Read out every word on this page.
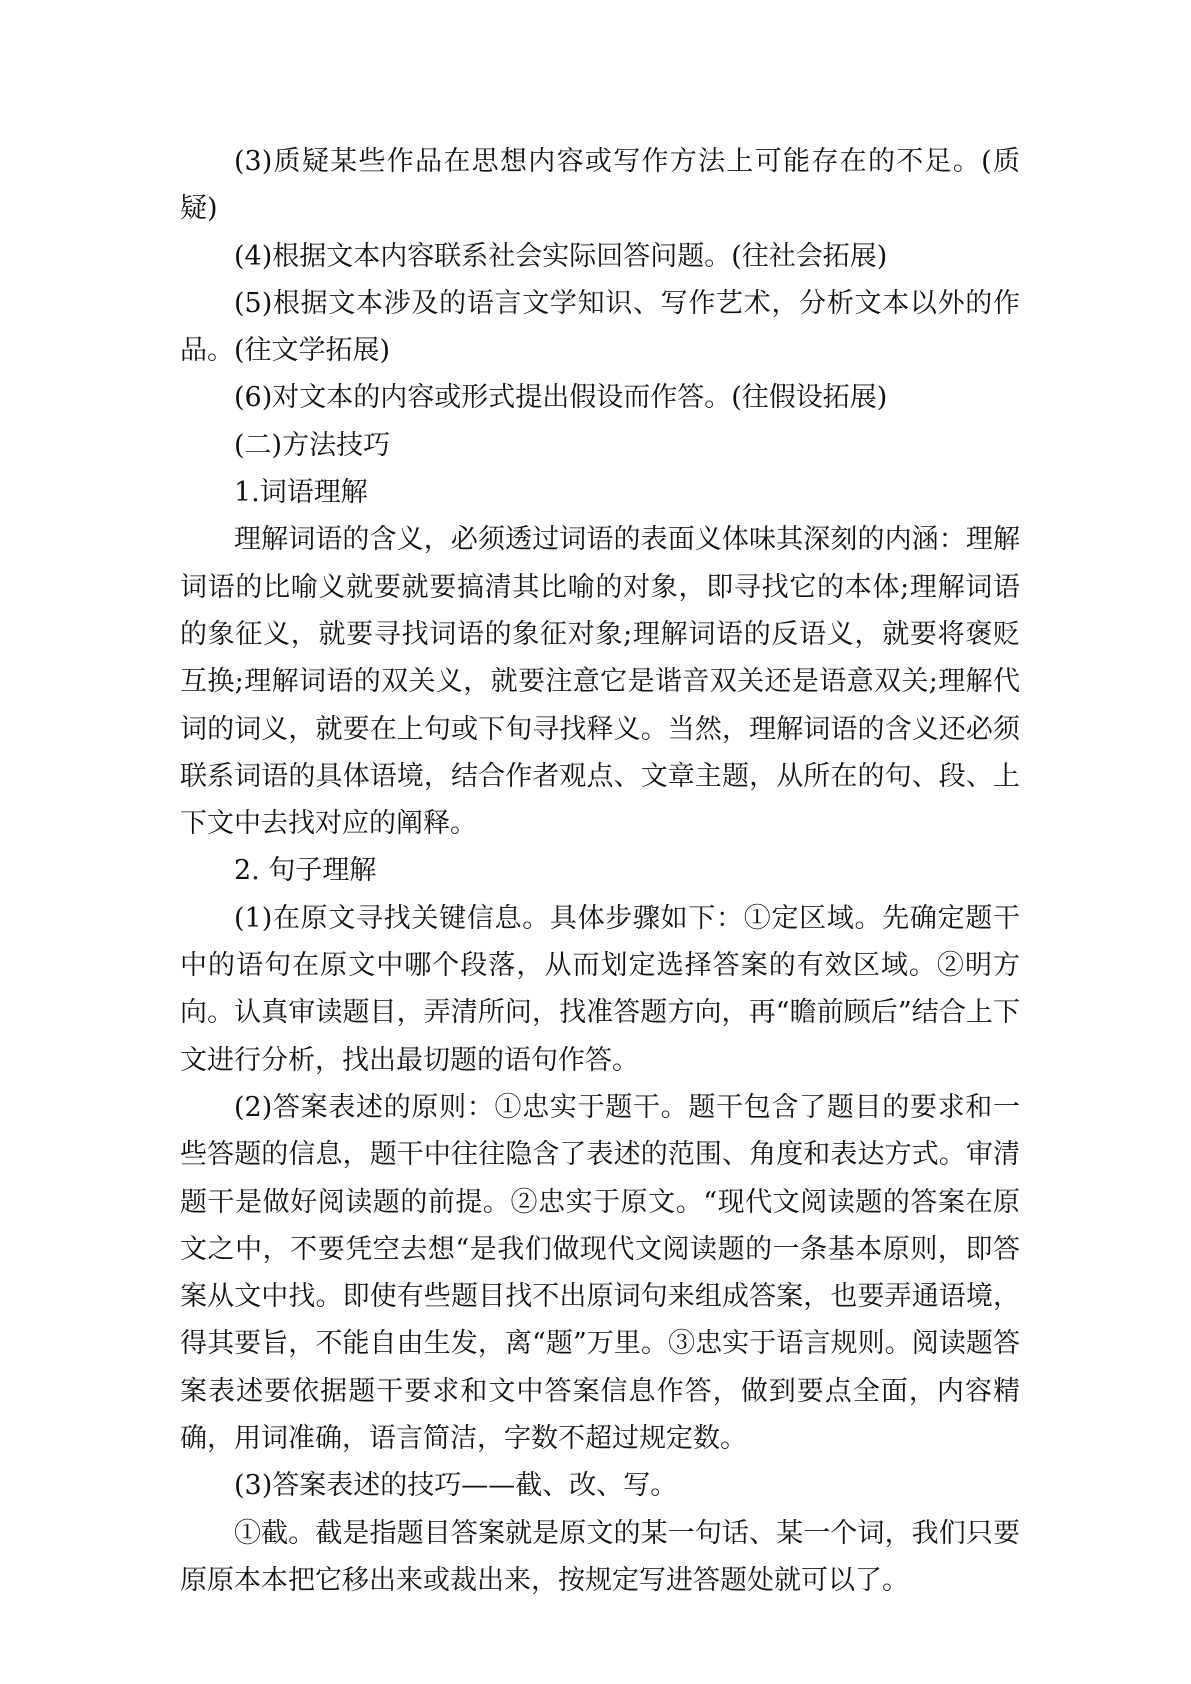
(3)质疑某些作品在思想内容或写作方法上可能存在的不足。(质疑)

(4)根据文本内容联系社会实际回答问题。(往社会拓展)

(5)根据文本涉及的语言文学知识、写作艺术，分析文本以外的作品。(往文学拓展)

(6)对文本的内容或形式提出假设而作答。(往假设拓展)

(二)方法技巧

1.词语理解

理解词语的含义，必须透过词语的表面义体味其深刻的内涵：理解词语的比喻义就要就要搞清其比喻的对象，即寻找它的本体;理解词语的象征义，就要寻找词语的象征对象;理解词语的反语义，就要将褒贬互换;理解词语的双关义，就要注意它是谐音双关还是语意双关;理解代词的词义，就要在上句或下旬寻找释义。当然，理解词语的含义还必须联系词语的具体语境，结合作者观点、文章主题，从所在的句、段、上下文中去找对应的阐释。

2. 句子理解

(1)在原文寻找关键信息。具体步骤如下：①定区域。先确定题干中的语句在原文中哪个段落，从而划定选择答案的有效区域。②明方向。认真审读题目，弄清所问，找准答题方向，再“瞻前顾后”结合上下文进行分析，找出最切题的语句作答。

(2)答案表述的原则：①忠实于题干。题干包含了题目的要求和一些答题的信息，题干中往往隐含了表述的范围、角度和表达方式。审清题干是做好阅读题的前提。②忠实于原文。“现代文阅读题的答案在原文之中，不要凭空去想“是我们做现代文阅读题的一条基本原则，即答案从文中找。即使有些题目找不出原词句来组成答案，也要弄通语境，得其要旨，不能自由生发，离“题”万里。③忠实于语言规则。阅读题答案表述要依据题干要求和文中答案信息作答，做到要点全面，内容精确，用词准确，语言简洁，字数不超过规定数。

(3)答案表述的技巧——截、改、写。

①截。截是指题目答案就是原文的某一句话、某一个词，我们只要原原本本把它移出来或裁出来，按规定写进答题处就可以了。
